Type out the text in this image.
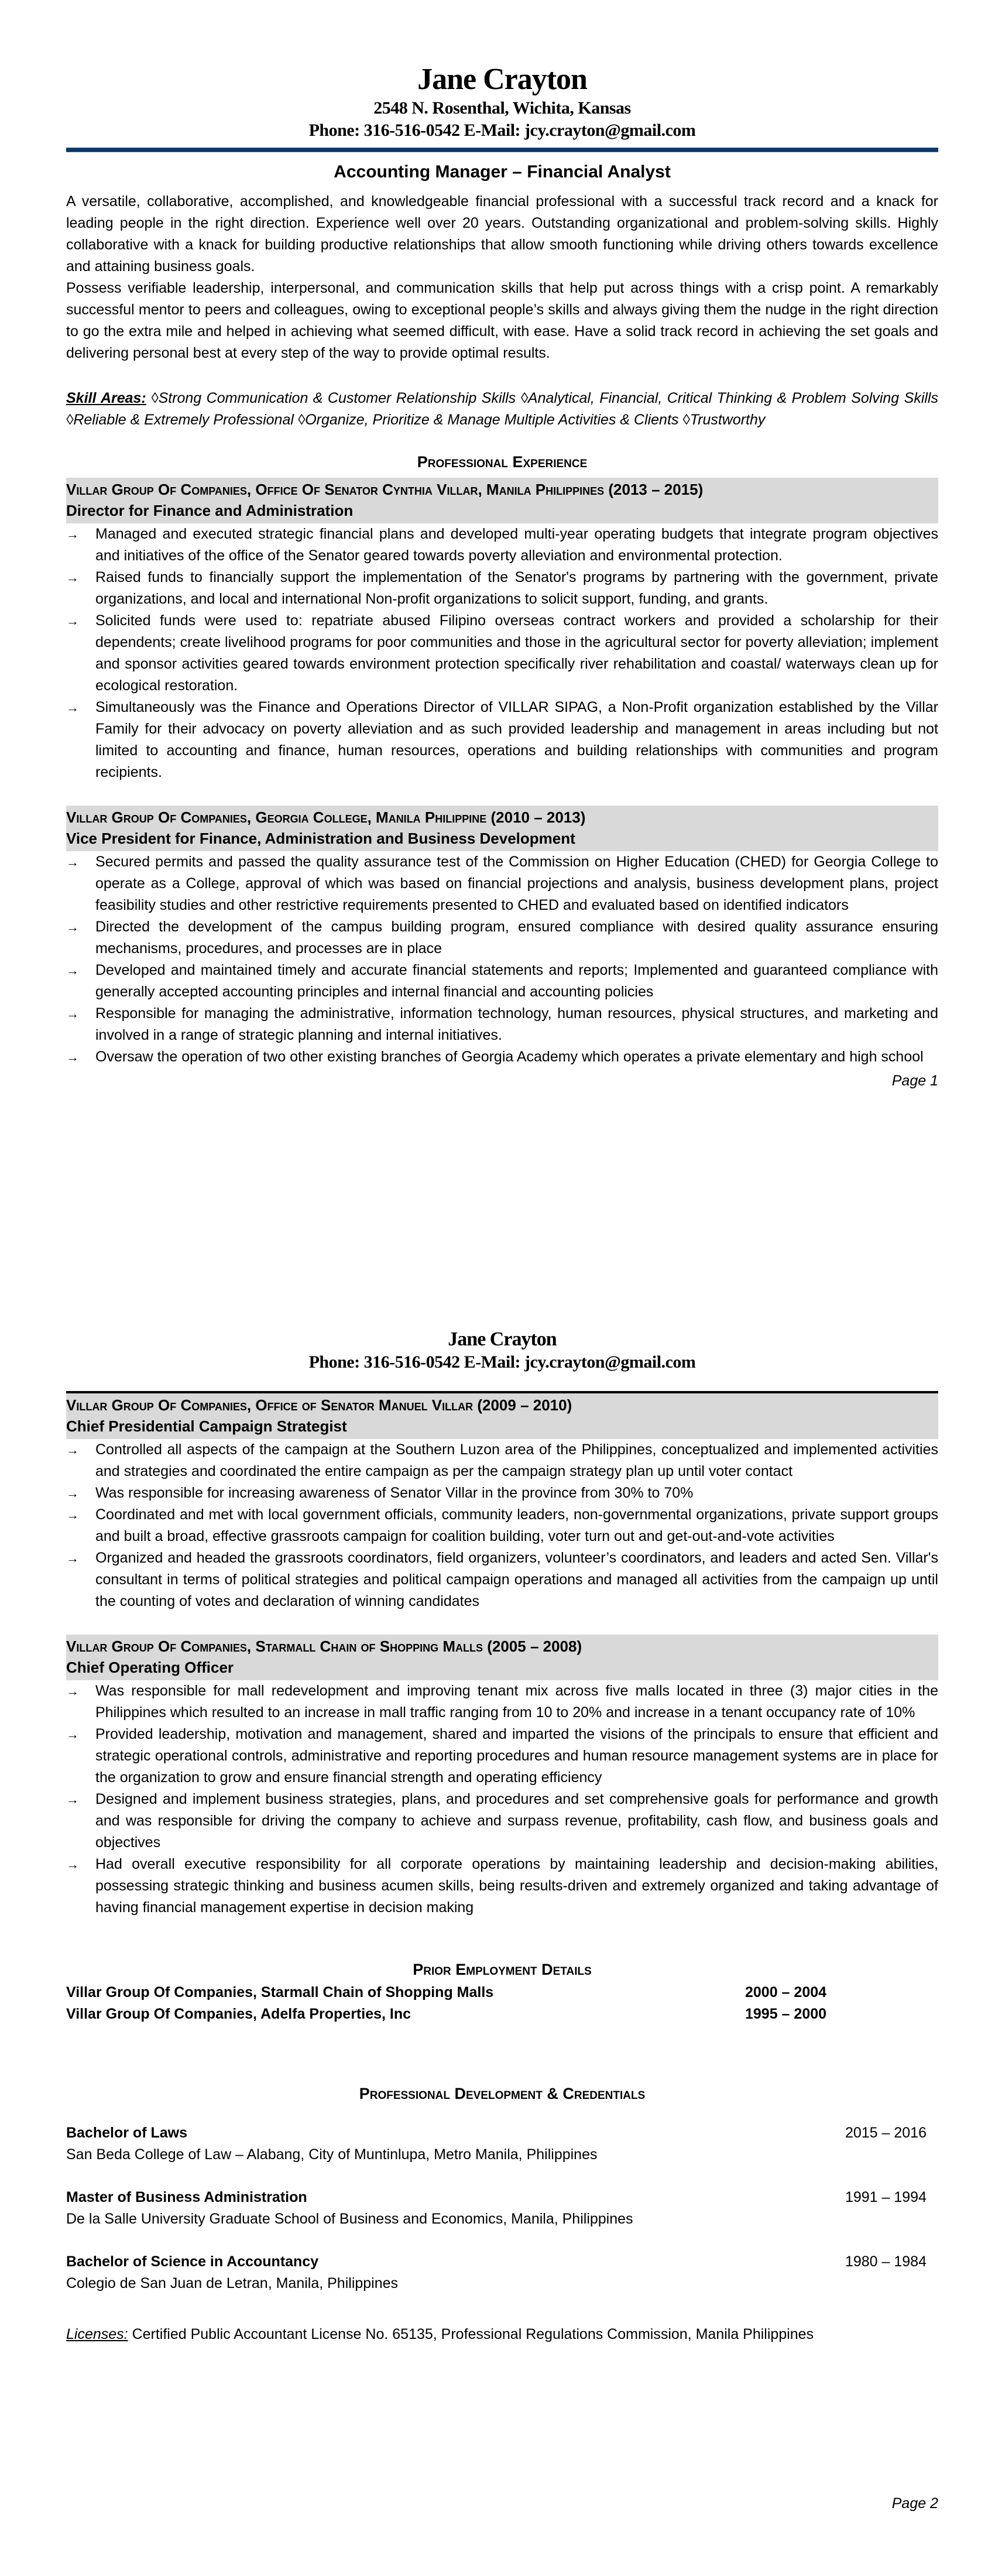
Jane Crayton
2548 N. Rosenthal, Wichita, Kansas
Phone: 316-516-0542 E-Mail: jcy.crayton@gmail.com
Accounting Manager – Financial Analyst

A versatile, collaborative, accomplished, and knowledgeable financial professional with a successful track record and a knack for leading people in the right direction. Experience well over 20 years. Outstanding organizational and problem-solving skills. Highly collaborative with a knack for building productive relationships that allow smooth functioning while driving others towards excellence and attaining business goals.

Possess verifiable leadership, interpersonal, and communication skills that help put across things with a crisp point. A remarkably successful mentor to peers and colleagues, owing to exceptional people’s skills and always giving them the nudge in the right direction to go the extra mile and helped in achieving what seemed difficult, with ease. Have a solid track record in achieving the set goals and delivering personal best at every step of the way to provide optimal results.

Skill Areas: ◊Strong Communication & Customer Relationship Skills ◊Analytical, Financial, Critical Thinking & Problem Solving Skills ◊Reliable & Extremely Professional ◊Organize, Prioritize & Manage Multiple Activities & Clients ◊Trustworthy
Professional Experience
Villar Group Of Companies, Office Of Senator Cynthia Villar, Manila Philippines (2013 – 2015)
Director for Finance and Administration
→	Managed and executed strategic financial plans and developed multi-year operating budgets that integrate program objectives and initiatives of the office of the Senator geared towards poverty alleviation and environmental protection.
→	Raised funds to financially support the implementation of the Senator's programs by partnering with the government, private organizations, and local and international Non-profit organizations to solicit support, funding, and grants.
→	Solicited funds were used to: repatriate abused Filipino overseas contract workers and provided a scholarship for their dependents; create livelihood programs for poor communities and those in the agricultural sector for poverty alleviation; implement and sponsor activities geared towards environment protection specifically river rehabilitation and coastal/ waterways clean up for ecological restoration.
→	Simultaneously was the Finance and Operations Director of VILLAR SIPAG, a Non-Profit organization established by the Villar Family for their advocacy on poverty alleviation and as such provided leadership and management in areas including but not limited to accounting and finance, human resources, operations and building relationships with communities and program recipients.
Villar Group Of Companies, Georgia College, Manila Philippine (2010 – 2013)
Vice President for Finance, Administration and Business Development
→	Secured permits and passed the quality assurance test of the Commission on Higher Education (CHED) for Georgia College to operate as a College, approval of which was based on financial projections and analysis, business development plans, project feasibility studies and other restrictive requirements presented to CHED and evaluated based on identified indicators
→	Directed the development of the campus building program, ensured compliance with desired quality assurance ensuring mechanisms, procedures, and processes are in place
→	Developed and maintained timely and accurate financial statements and reports; Implemented and guaranteed compliance with generally accepted accounting principles and internal financial and accounting policies
→	Responsible for managing the administrative, information technology, human resources, physical structures, and marketing and involved in a range of strategic planning and internal initiatives.
→	Oversaw the operation of two other existing branches of Georgia Academy which operates a private elementary and high school
Page 1
Jane Crayton
Phone: 316-516-0542 E-Mail: jcy.crayton@gmail.com
Villar Group Of Companies, Office of Senator Manuel Villar (2009 – 2010)
Chief Presidential Campaign Strategist
→	Controlled all aspects of the campaign at the Southern Luzon area of the Philippines, conceptualized and implemented activities and strategies and coordinated the entire campaign as per the campaign strategy plan up until voter contact
→	Was responsible for increasing awareness of Senator Villar in the province from 30% to 70%
→	Coordinated and met with local government officials, community leaders, non-governmental organizations, private support groups and built a broad, effective grassroots campaign for coalition building, voter turn out and get-out-and-vote activities
→	Organized and headed the grassroots coordinators, field organizers, volunteer’s coordinators, and leaders and acted Sen. Villar's consultant in terms of political strategies and political campaign operations and managed all activities from the campaign up until the counting of votes and declaration of winning candidates
Villar Group Of Companies, Starmall Chain of Shopping Malls (2005 – 2008)
Chief Operating Officer
→	Was responsible for mall redevelopment and improving tenant mix across five malls located in three (3) major cities in the Philippines which resulted to an increase in mall traffic ranging from 10 to 20% and increase in a tenant occupancy rate of 10%
→	Provided leadership, motivation and management, shared and imparted the visions of the principals to ensure that efficient and strategic operational controls, administrative and reporting procedures and human resource management systems are in place for the organization to grow and ensure financial strength and operating efficiency
→	Designed and implement business strategies, plans, and procedures and set comprehensive goals for performance and growth and was responsible for driving the company to achieve and surpass revenue, profitability, cash flow, and business goals and objectives
→	Had overall executive responsibility for all corporate operations by maintaining leadership and decision-making abilities, possessing strategic thinking and business acumen skills, being results-driven and extremely organized and taking advantage of having financial management expertise in decision making
Prior Employment Details
Villar Group Of Companies, Starmall Chain of Shopping Malls	2000 – 2004
Villar Group Of Companies, Adelfa Properties, Inc	1995 – 2000
Professional Development & Credentials
Bachelor of Laws	2015 – 2016
San Beda College of Law – Alabang, City of Muntinlupa, Metro Manila, Philippines
Master of Business Administration	1991 – 1994
De la Salle University Graduate School of Business and Economics, Manila, Philippines
Bachelor of Science in Accountancy	1980 – 1984
Colegio de San Juan de Letran, Manila, Philippines
Licenses: Certified Public Accountant License No. 65135, Professional Regulations Commission, Manila Philippines
Page 2
